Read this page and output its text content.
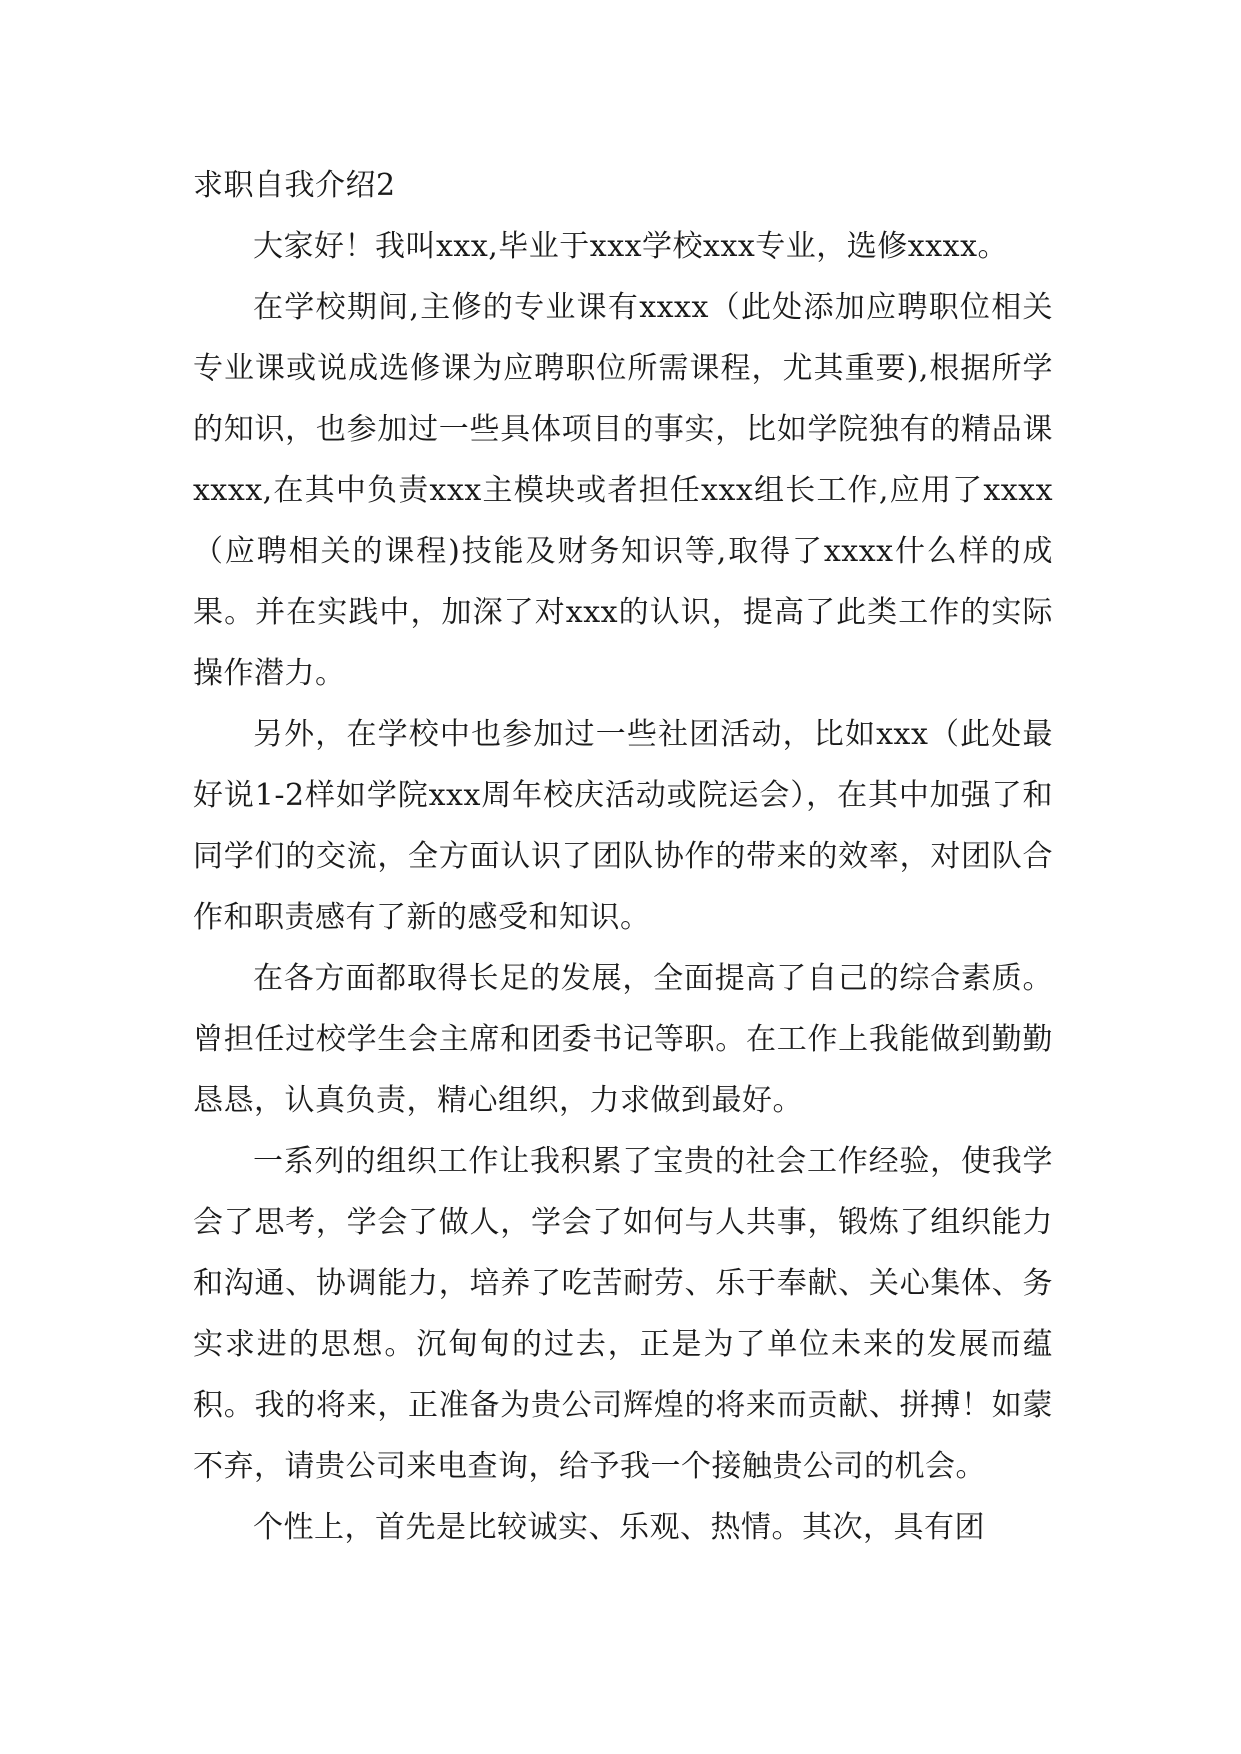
求职自我介绍2

大家好！我叫xxx,毕业于xxx学校xxx专业，选修xxxx。

在学校期间,主修的专业课有xxxx（此处添加应聘职位相关专业课或说成选修课为应聘职位所需课程，尤其重要),根据所学的知识，也参加过一些具体项目的事实，比如学院独有的精品课xxxx,在其中负责xxx主模块或者担任xxx组长工作,应用了xxxx（应聘相关的课程)技能及财务知识等,取得了xxxx什么样的成果。并在实践中，加深了对xxx的认识，提高了此类工作的实际操作潜力。

另外，在学校中也参加过一些社团活动，比如xxx（此处最好说1-2样如学院xxx周年校庆活动或院运会），在其中加强了和同学们的交流，全方面认识了团队协作的带来的效率，对团队合作和职责感有了新的感受和知识。

在各方面都取得长足的发展，全面提高了自己的综合素质。曾担任过校学生会主席和团委书记等职。在工作上我能做到勤勤恳恳，认真负责，精心组织，力求做到最好。

一系列的组织工作让我积累了宝贵的社会工作经验，使我学会了思考，学会了做人，学会了如何与人共事，锻炼了组织能力和沟通、协调能力，培养了吃苦耐劳、乐于奉献、关心集体、务实求进的思想。沉甸甸的过去，正是为了单位未来的发展而蕴积。我的将来，正准备为贵公司辉煌的将来而贡献、拼搏！如蒙不弃，请贵公司来电查询，给予我一个接触贵公司的机会。

个性上，首先是比较诚实、乐观、热情。其次，具有团
